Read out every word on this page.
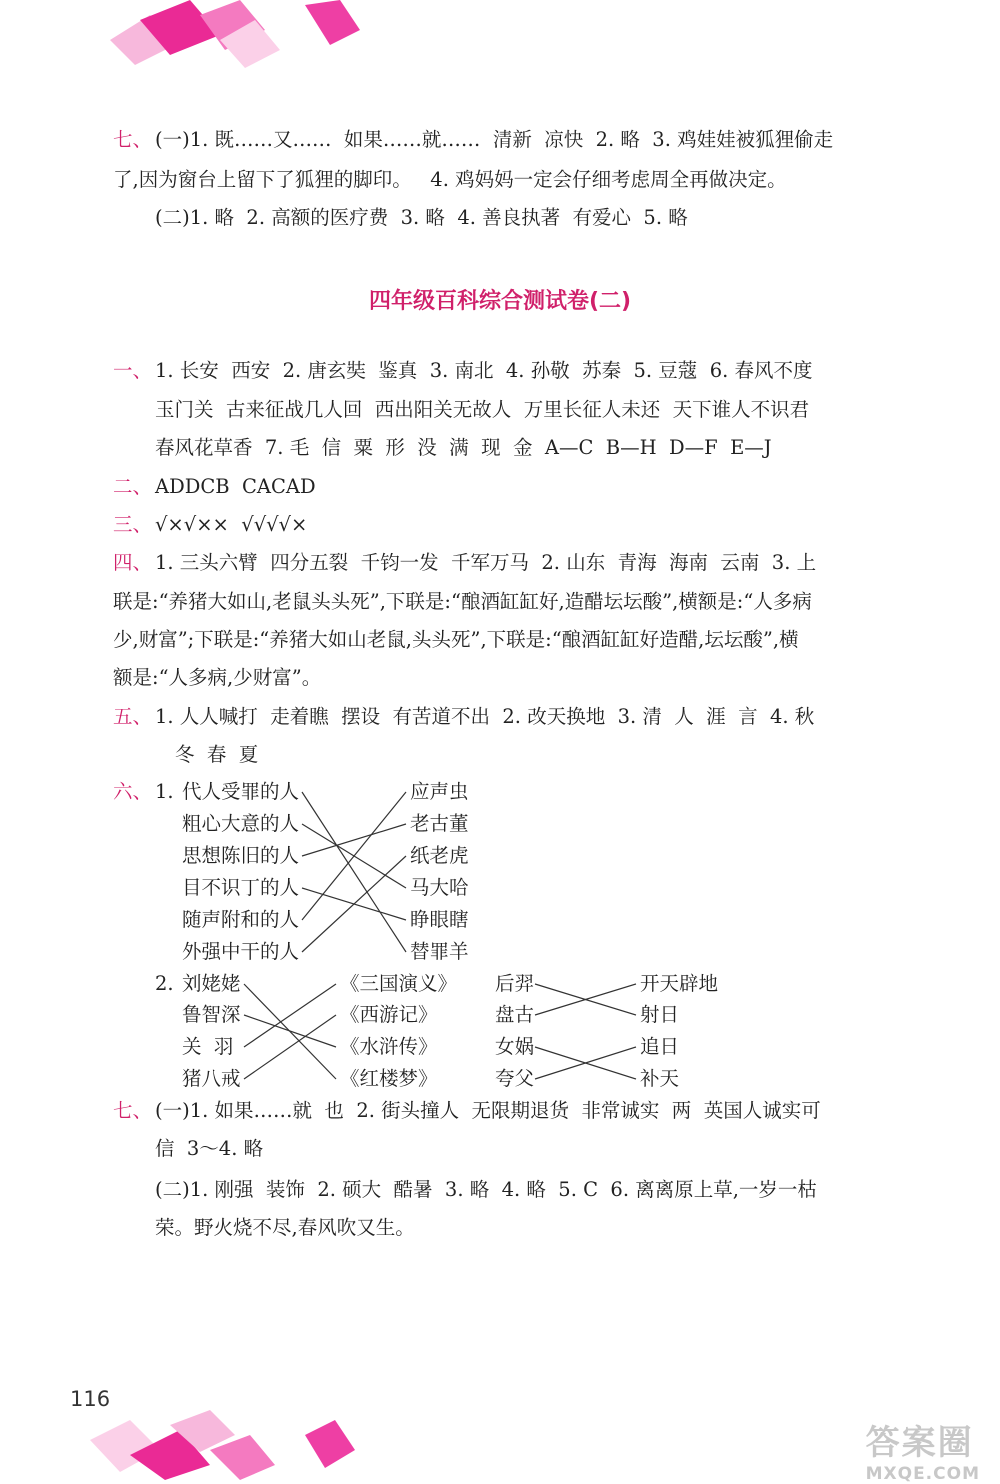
七、 (一)1. 既……又……  如果……就……  清新  凉快  2. 略  3. 鸡娃娃被狐狸偷走
了,因为窗台上留下了狐狸的脚印。   4. 鸡妈妈一定会仔细考虑周全再做决定。
(二)1. 略  2. 高额的医疗费  3. 略  4. 善良执著  有爱心  5. 略
四年级百科综合测试卷(二)
一、 1. 长安  西安  2. 唐玄奘  鉴真  3. 南北  4. 孙敬  苏秦  5. 豆蔻  6. 春风不度
玉门关  古来征战几人回  西出阳关无故人  万里长征人未还  天下谁人不识君
春风花草香  7. 毛  信  粟  形  没  满  现  金  A—C  B—H  D—F  E—J
二、 ADDCB  CACAD
三、 √×√××  √√√√×
四、 1. 三头六臂  四分五裂  千钧一发  千军万马  2. 山东  青海  海南  云南  3. 上
联是:“养猪大如山,老鼠头头死”,下联是:“酿酒缸缸好,造醋坛坛酸”,横额是:“人多病
少,财富”;下联是:“养猪大如山老鼠,头头死”,下联是:“酿酒缸缸好造醋,坛坛酸”,横
额是:“人多病,少财富”。
五、 1. 人人喊打  走着瞧  摆设  有苦道不出  2. 改天换地  3. 清  人  涯  言  4. 秋
冬  春  夏
六、 1. 代人受罪的人
粗心大意的人
思想陈旧的人
目不识丁的人
随声附和的人
外强中干的人
应声虫
老古董
纸老虎
马大哈
睁眼瞎
替罪羊
2. 刘姥姥
鲁智深
关  羽
猪八戒
《三国演义》
《西游记》
《水浒传》
《红楼梦》
后羿
盘古
女娲
夸父
开天辟地
射日
追日
补天
七、 (一)1. 如果……就  也  2. 街头撞人  无限期退货  非常诚实  两  英国人诚实可
信  3～4. 略
(二)1. 刚强  装饰  2. 硕大  酷暑  3. 略  4. 略  5. C  6. 离离原上草,一岁一枯
荣。野火烧不尽,春风吹又生。
116
答案圈
MXQE.COM
